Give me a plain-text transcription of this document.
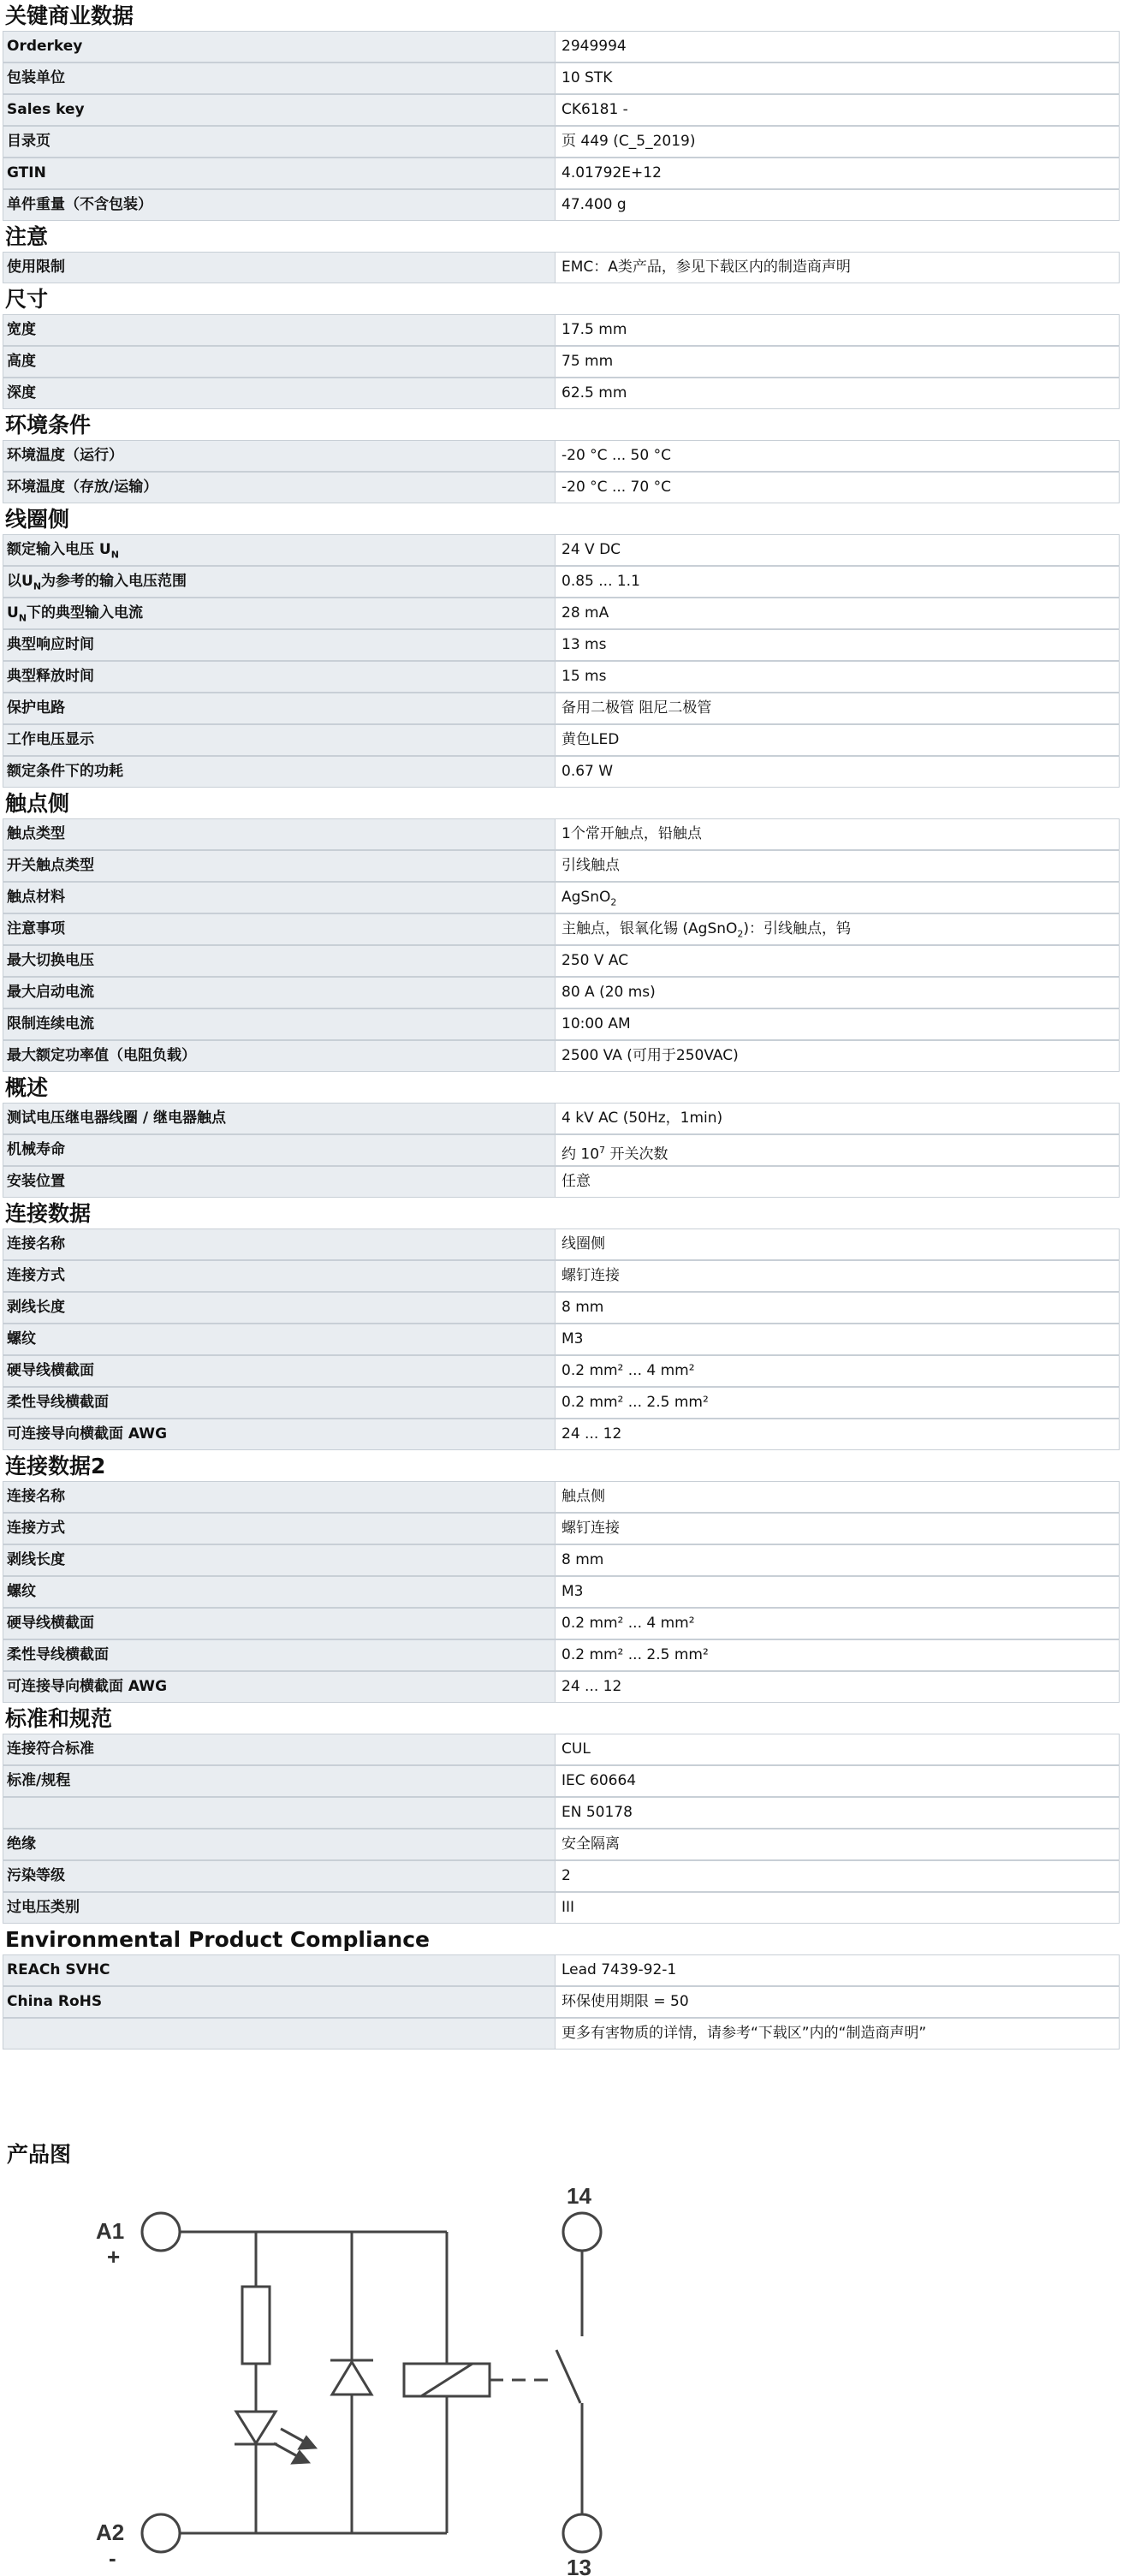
关键商业数据
Orderkey	2949994
包装单位	10 STK
Sales key	CK6181 -
目录页	页 449 (C_5_2019)
GTIN	4.01792E+12
单件重量（不含包装）	47.400 g
注意
使用限制	EMC：A类产品，参见下载区内的制造商声明
尺寸
宽度	17.5 mm
高度	75 mm
深度	62.5 mm
环境条件
环境温度（运行）	-20 °C ... 50 °C
环境温度（存放/运输）	-20 °C ... 70 °C
线圈侧
额定输入电压 $U_N$	24 V DC
以$U_N$为参考的输入电压范围	0.85 ... 1.1
$U_N$下的典型输入电流	28 mA
典型响应时间	13 ms
典型释放时间	15 ms
保护电路	备用二极管 阻尼二极管
工作电压显示	黄色LED
额定条件下的功耗	0.67 W
触点侧
触点类型	1个常开触点，铅触点
开关触点类型	引线触点
触点材料	AgSnO$_2$
注意事项	主触点，银氧化锡 (AgSnO$_2$)：引线触点，钨
最大切换电压	250 V AC
最大启动电流	80 A (20 ms)
限制连续电流	10:00 AM
最大额定功率值（电阻负载）	2500 VA (可用于250VAC)
概述
测试电压继电器线圈 / 继电器触点	4 kV AC (50Hz，1min)
机械寿命	约 $10^7$ 开关次数
安装位置	任意
连接数据
连接名称	线圈侧
连接方式	螺钉连接
剥线长度	8 mm
螺纹	M3
硬导线横截面	0.2 mm² ... 4 mm²
柔性导线横截面	0.2 mm² ... 2.5 mm²
可连接导向横截面 AWG	24 ... 12
连接数据2
连接名称	触点侧
连接方式	螺钉连接
剥线长度	8 mm
螺纹	M3
硬导线横截面	0.2 mm² ... 4 mm²
柔性导线横截面	0.2 mm² ... 2.5 mm²
可连接导向横截面 AWG	24 ... 12
标准和规范
连接符合标准	CUL
标准/规程	IEC 60664
EN 50178
绝缘	安全隔离
污染等级	2
过电压类别	III
Environmental Product Compliance
REACh SVHC	Lead 7439-92-1
China RoHS	环保使用期限 = 50
更多有害物质的详情，请参考“下载区”内的“制造商声明”
产品图
A1
+
A2
-
14
13
